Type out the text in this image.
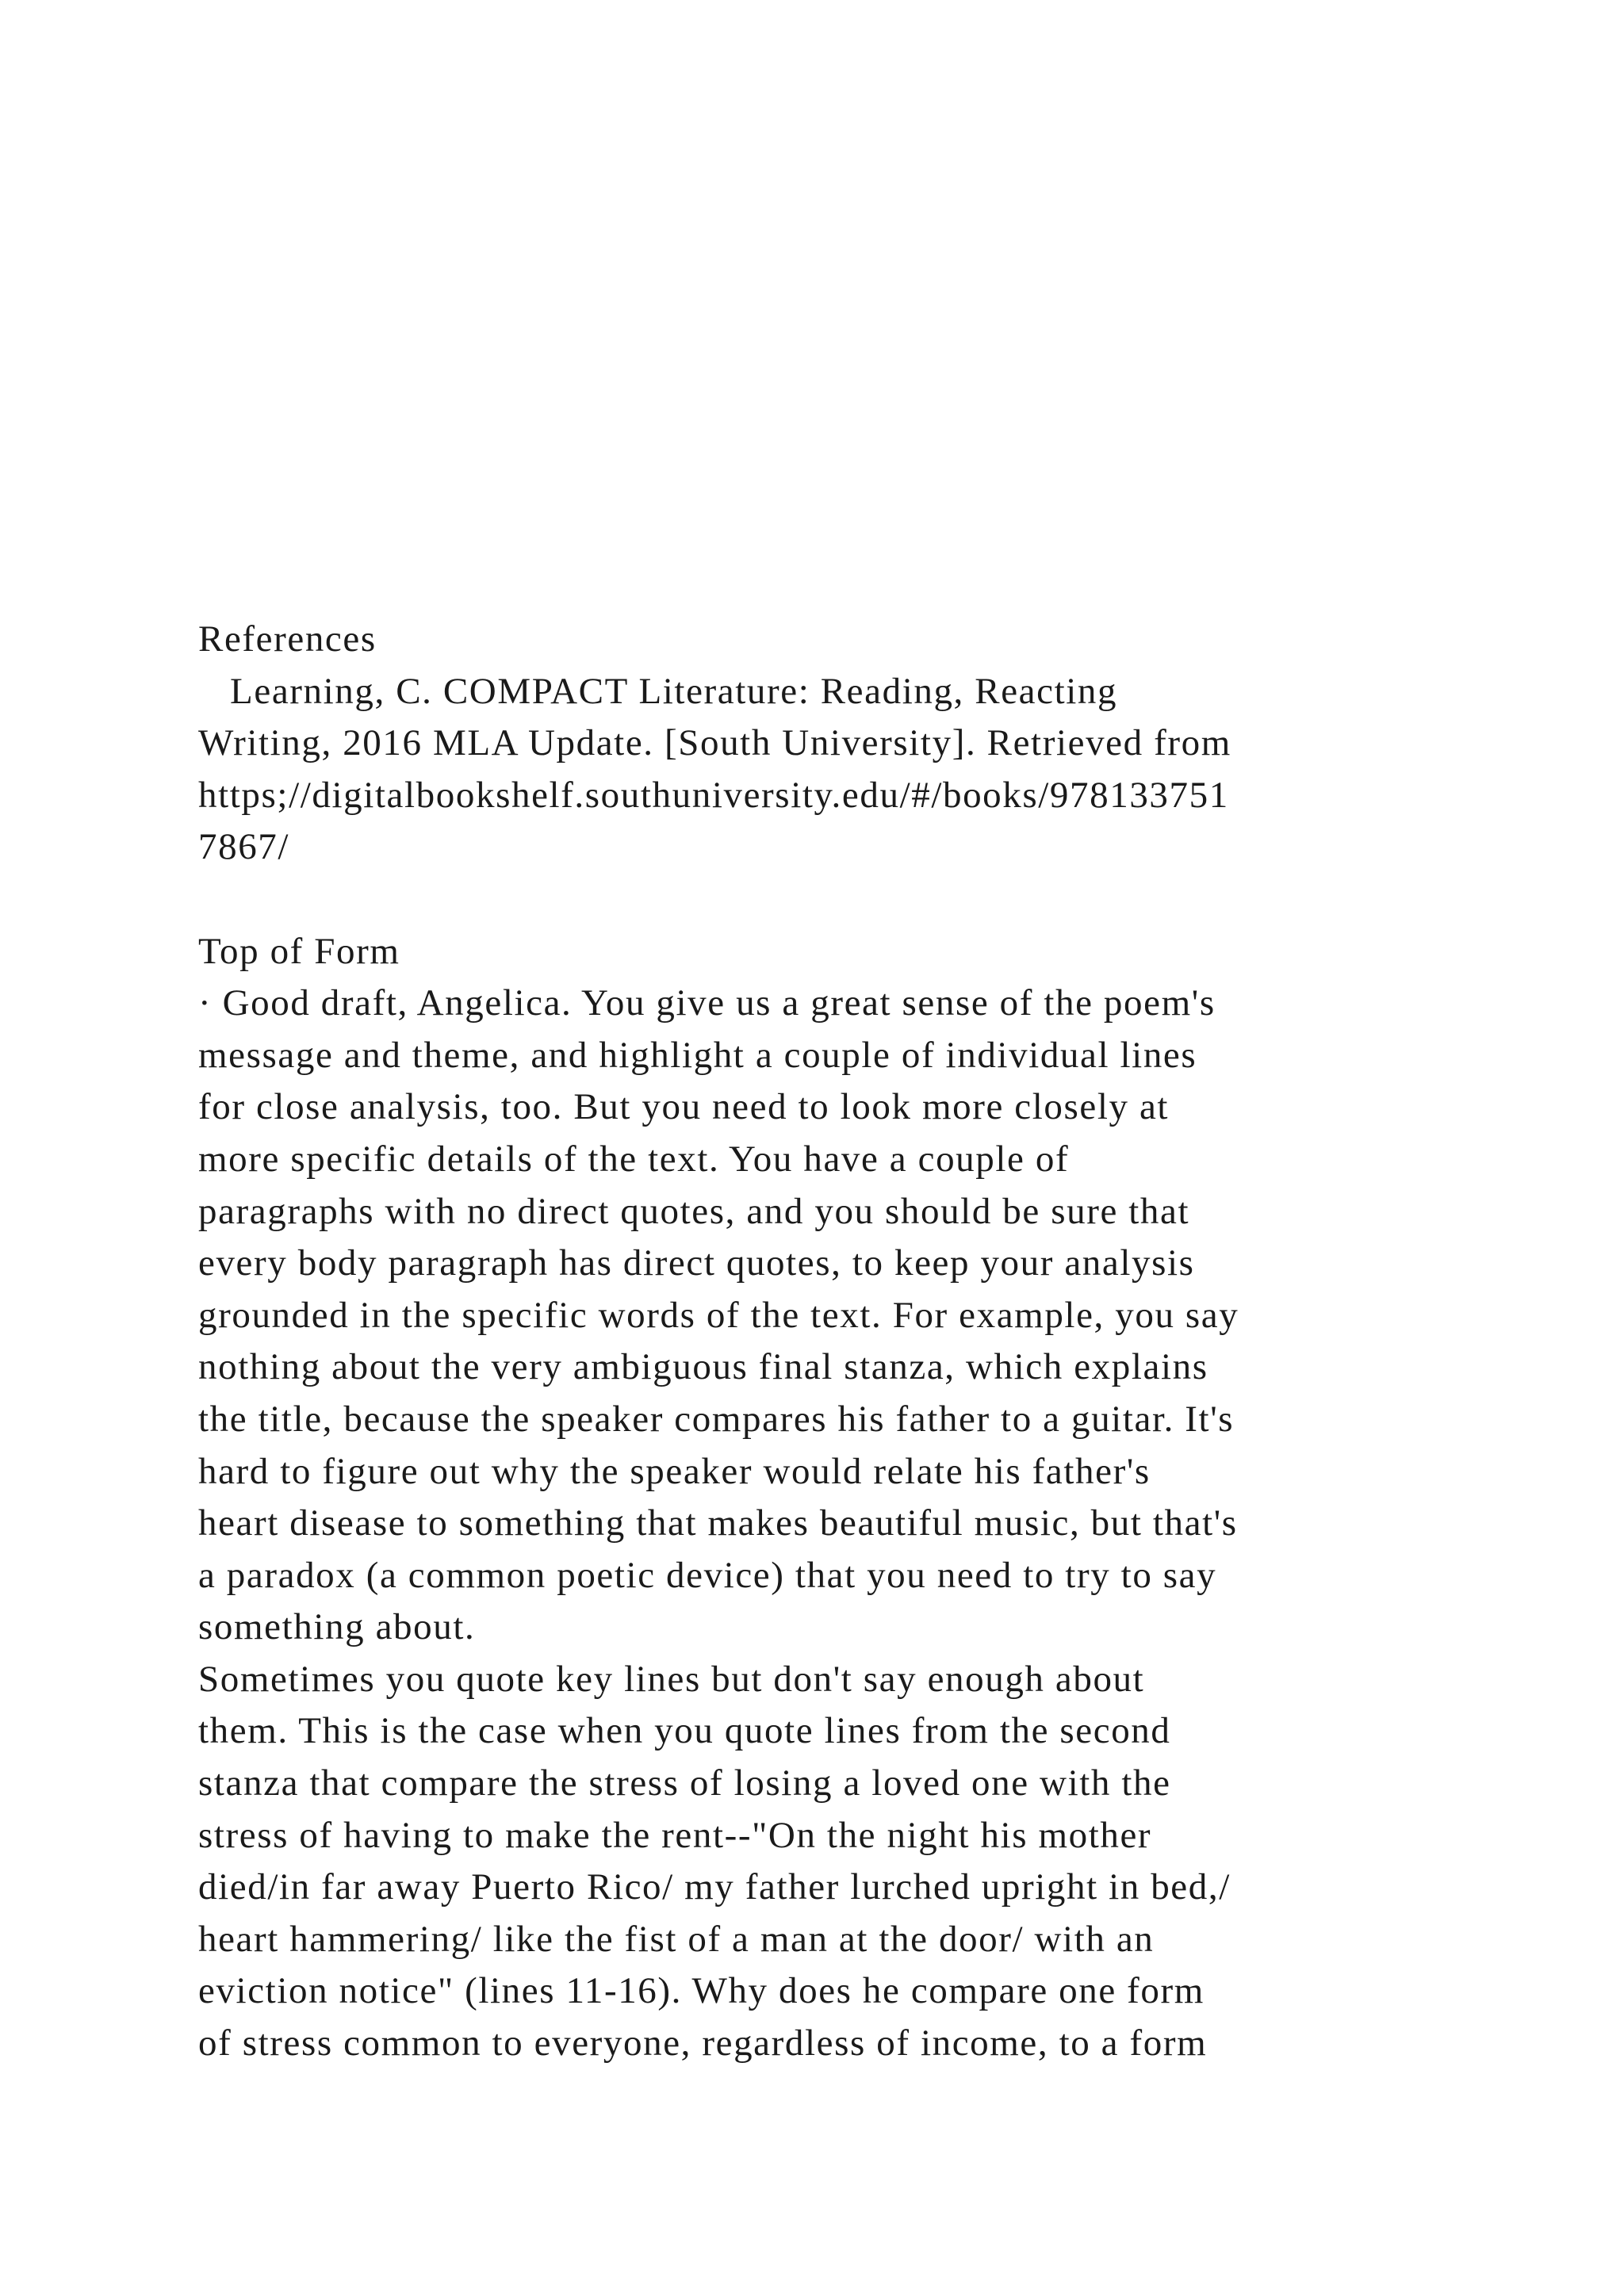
References
Learning, C. COMPACT Literature: Reading, Reacting
Writing, 2016 MLA Update. [South University]. Retrieved from
https;//digitalbookshelf.southuniversity.edu/#/books/978133751
7867/
Top of Form
· Good draft, Angelica. You give us a great sense of the poem's
message and theme, and highlight a couple of individual lines
for close analysis, too. But you need to look more closely at
more specific details of the text. You have a couple of
paragraphs with no direct quotes, and you should be sure that
every body paragraph has direct quotes, to keep your analysis
grounded in the specific words of the text. For example, you say
nothing about the very ambiguous final stanza, which explains
the title, because the speaker compares his father to a guitar. It's
hard to figure out why the speaker would relate his father's
heart disease to something that makes beautiful music, but that's
a paradox (a common poetic device) that you need to try to say
something about.
Sometimes you quote key lines but don't say enough about
them. This is the case when you quote lines from the second
stanza that compare the stress of losing a loved one with the
stress of having to make the rent--"On the night his mother
died/in far away Puerto Rico/ my father lurched upright in bed,/
heart hammering/ like the fist of a man at the door/ with an
eviction notice" (lines 11-16). Why does he compare one form
of stress common to everyone, regardless of income, to a form
